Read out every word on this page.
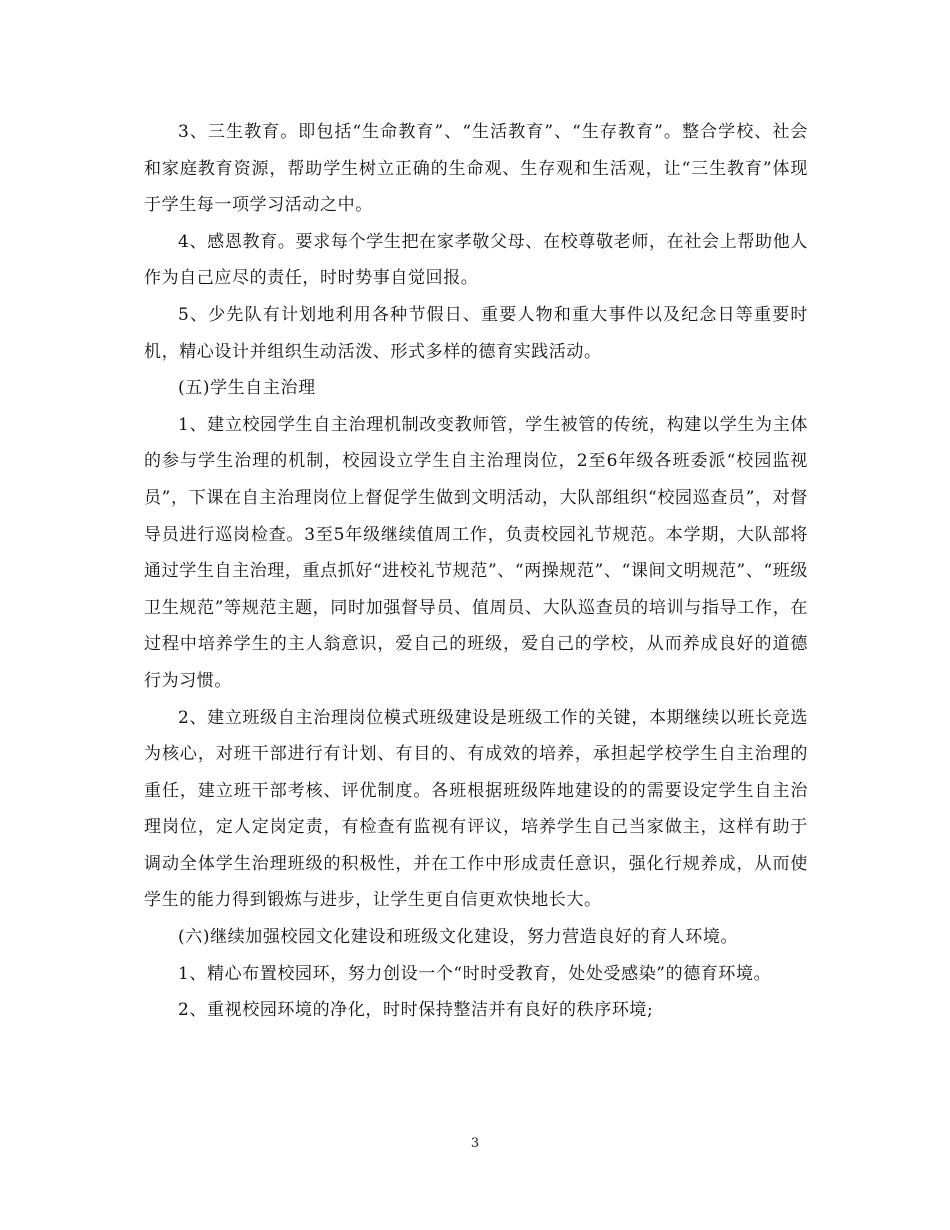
3、三生教育。即包括“生命教育”、“生活教育”、“生存教育”。整合学校、社会和家庭教育资源，帮助学生树立正确的生命观、生存观和生活观，让“三生教育”体现于学生每一项学习活动之中。

4、感恩教育。要求每个学生把在家孝敬父母、在校尊敬老师，在社会上帮助他人作为自己应尽的责任，时时势事自觉回报。

5、少先队有计划地利用各种节假日、重要人物和重大事件以及纪念日等重要时机，精心设计并组织生动活泼、形式多样的德育实践活动。

(五)学生自主治理

1、建立校园学生自主治理机制改变教师管，学生被管的传统，构建以学生为主体的参与学生治理的机制，校园设立学生自主治理岗位，2至6年级各班委派“校园监视员”，下课在自主治理岗位上督促学生做到文明活动，大队部组织“校园巡查员”，对督导员进行巡岗检查。3至5年级继续值周工作，负责校园礼节规范。本学期，大队部将通过学生自主治理，重点抓好“进校礼节规范”、“两操规范”、“课间文明规范”、“班级卫生规范”等规范主题，同时加强督导员、值周员、大队巡查员的培训与指导工作，在过程中培养学生的主人翁意识，爱自己的班级，爱自己的学校，从而养成良好的道德行为习惯。

2、建立班级自主治理岗位模式班级建设是班级工作的关键，本期继续以班长竞选为核心，对班干部进行有计划、有目的、有成效的培养，承担起学校学生自主治理的重任，建立班干部考核、评优制度。各班根据班级阵地建设的的需要设定学生自主治理岗位，定人定岗定责，有检查有监视有评议，培养学生自己当家做主，这样有助于调动全体学生治理班级的积极性，并在工作中形成责任意识，强化行规养成，从而使学生的能力得到锻炼与进步，让学生更自信更欢快地长大。

(六)继续加强校园文化建设和班级文化建设，努力营造良好的育人环境。

1、精心布置校园环，努力创设一个“时时受教育，处处受感染”的德育环境。

2、重视校园环境的净化，时时保持整洁并有良好的秩序环境;

3
